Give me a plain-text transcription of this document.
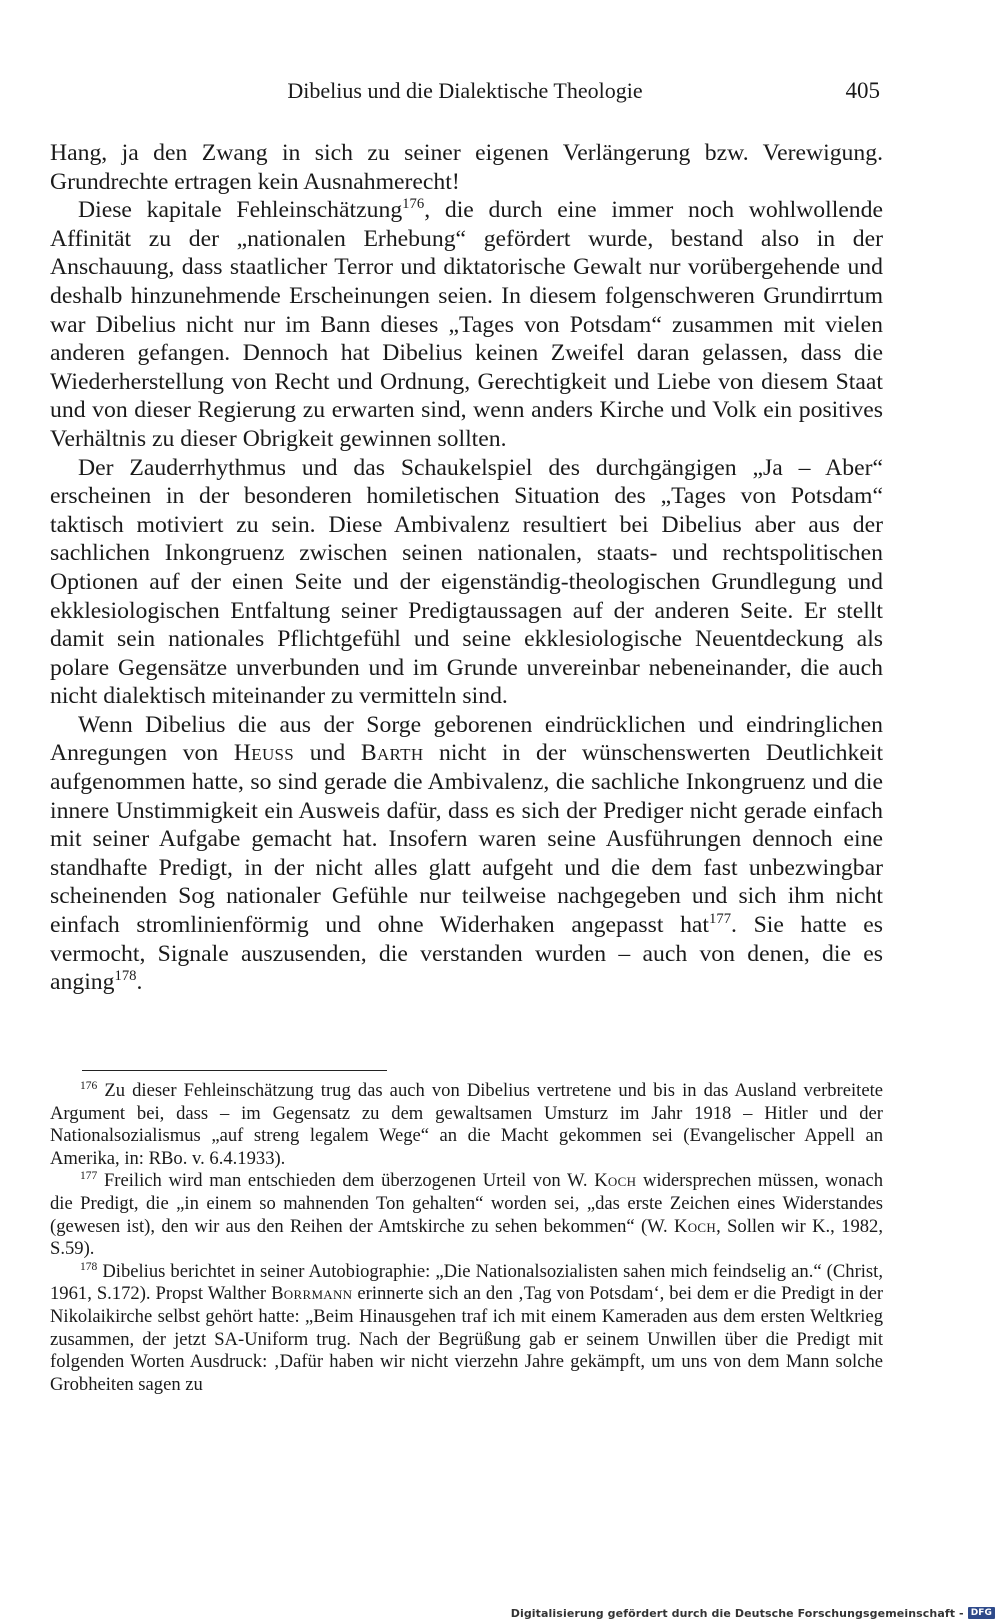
Dibelius und die Dialektische Theologie	405

Hang, ja den Zwang in sich zu seiner eigenen Verlängerung bzw. Verewigung. Grundrechte ertragen kein Ausnahmerecht!

Diese kapitale Fehleinschätzung$^{176}$, die durch eine immer noch wohlwollende Affinität zu der „nationalen Erhebung“ gefördert wurde, bestand also in der Anschauung, dass staatlicher Terror und diktatorische Gewalt nur vorübergehende und deshalb hinzunehmende Erscheinungen seien. In diesem folgenschweren Grundirrtum war Dibelius nicht nur im Bann dieses „Tages von Potsdam“ zusammen mit vielen anderen gefangen. Dennoch hat Dibelius keinen Zweifel daran gelassen, dass die Wiederherstellung von Recht und Ordnung, Gerechtigkeit und Liebe von diesem Staat und von dieser Regierung zu erwarten sind, wenn anders Kirche und Volk ein positives Verhältnis zu dieser Obrigkeit gewinnen sollten.

Der Zauderrhythmus und das Schaukelspiel des durchgängigen „Ja – Aber“ erscheinen in der besonderen homiletischen Situation des „Tages von Potsdam“ taktisch motiviert zu sein. Diese Ambivalenz resultiert bei Dibelius aber aus der sachlichen Inkongruenz zwischen seinen nationalen, staats- und rechtspolitischen Optionen auf der einen Seite und der eigenständig-theologischen Grundlegung und ekklesiologischen Entfaltung seiner Predigtaussagen auf der anderen Seite. Er stellt damit sein nationales Pflichtgefühl und seine ekklesiologische Neuentdeckung als polare Gegensätze unverbunden und im Grunde unvereinbar nebeneinander, die auch nicht dialektisch miteinander zu vermitteln sind.

Wenn Dibelius die aus der Sorge geborenen eindrücklichen und eindringlichen Anregungen von Heuss und Barth nicht in der wünschenswerten Deutlichkeit aufgenommen hatte, so sind gerade die Ambivalenz, die sachliche Inkongruenz und die innere Unstimmigkeit ein Ausweis dafür, dass es sich der Prediger nicht gerade einfach mit seiner Aufgabe gemacht hat. Insofern waren seine Ausführungen dennoch eine standhafte Predigt, in der nicht alles glatt aufgeht und die dem fast unbezwingbar scheinenden Sog nationaler Gefühle nur teilweise nachgegeben und sich ihm nicht einfach stromlinienförmig und ohne Widerhaken angepasst hat$^{177}$. Sie hatte es vermocht, Signale auszusenden, die verstanden wurden – auch von denen, die es anging$^{178}$.

$^{176}$ Zu dieser Fehleinschätzung trug das auch von Dibelius vertretene und bis in das Ausland verbreitete Argument bei, dass – im Gegensatz zu dem gewaltsamen Umsturz im Jahr 1918 – Hitler und der Nationalsozialismus „auf streng legalem Wege“ an die Macht gekommen sei (Evangelischer Appell an Amerika, in: RBo. v. 6.4.1933).

$^{177}$ Freilich wird man entschieden dem überzogenen Urteil von W. Koch widersprechen müssen, wonach die Predigt, die „in einem so mahnenden Ton gehalten“ worden sei, „das erste Zeichen eines Widerstandes (gewesen ist), den wir aus den Reihen der Amtskirche zu sehen bekommen“ (W. Koch, Sollen wir K., 1982, S.59).

$^{178}$ Dibelius berichtet in seiner Autobiographie: „Die Nationalsozialisten sahen mich feindselig an.“ (Christ, 1961, S.172). Propst Walther Borrmann erinnerte sich an den ‚Tag von Potsdam‘, bei dem er die Predigt in der Nikolaikirche selbst gehört hatte: „Beim Hinausgehen traf ich mit einem Kameraden aus dem ersten Weltkrieg zusammen, der jetzt SA-Uniform trug. Nach der Begrüßung gab er seinem Unwillen über die Predigt mit folgenden Worten Ausdruck: ‚Dafür haben wir nicht vierzehn Jahre gekämpft, um uns von dem Mann solche Grobheiten sagen zu

Digitalisierung gefördert durch die Deutsche Forschungsgemeinschaft - DFG
